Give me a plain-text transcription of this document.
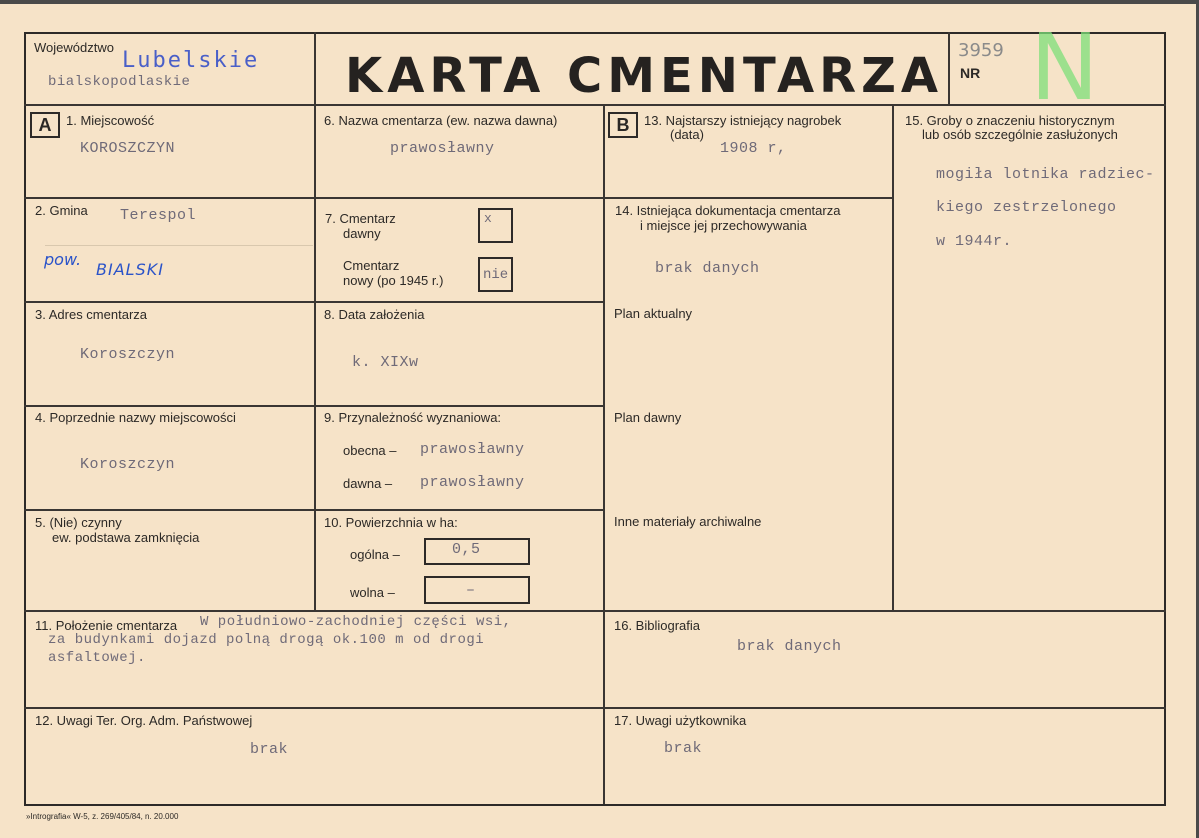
Województwo
Lubelskie
bialskopodlaskie	KARTA CMENTARZA 3959
NR N
A	B
1. Miejscowość
KOROSZCZYN
6. Nazwa cmentarza (ew. nazwa dawna)
prawosławny
13. Najstarszy istniejący nagrobek
(data)
1908 r,
15. Groby o znaczeniu historycznym
lub osób szczególnie zasłużonych
mogiła lotnika radziec-
kiego zestrzelonego
w 1944r.
2. Gmina Terespol
pow.
BIALSKI
7. Cmentarz
dawny
x
Cmentarz
nowy (po 1945 r.)	nie
14. Istniejąca dokumentacja cmentarza
i miejsce jej przechowywania
brak danych
3. Adres cmentarza
Koroszczyn
8. Data założenia
k. XIXw
Plan aktualny
4. Poprzednie nazwy miejscowości
Koroszczyn
9. Przynależność wyznaniowa:
obecna – prawosławny
dawna – prawosławny
Plan dawny
5. (Nie) czynny
ew. podstawa zamknięcia
10. Powierzchnia w ha:
ogólna –	0,5
wolna –	–
Inne materiały archiwalne
11. Położenie cmentarza W południowo-zachodniej części wsi,
za budynkami dojazd polną drogą ok.100 m od drogi
asfaltowej.
16. Bibliografia
brak danych
12. Uwagi Ter. Org. Adm. Państwowej
brak
17. Uwagi użytkownika
brak
»Intrografia« W-5, z. 269/405/84, n. 20.000
